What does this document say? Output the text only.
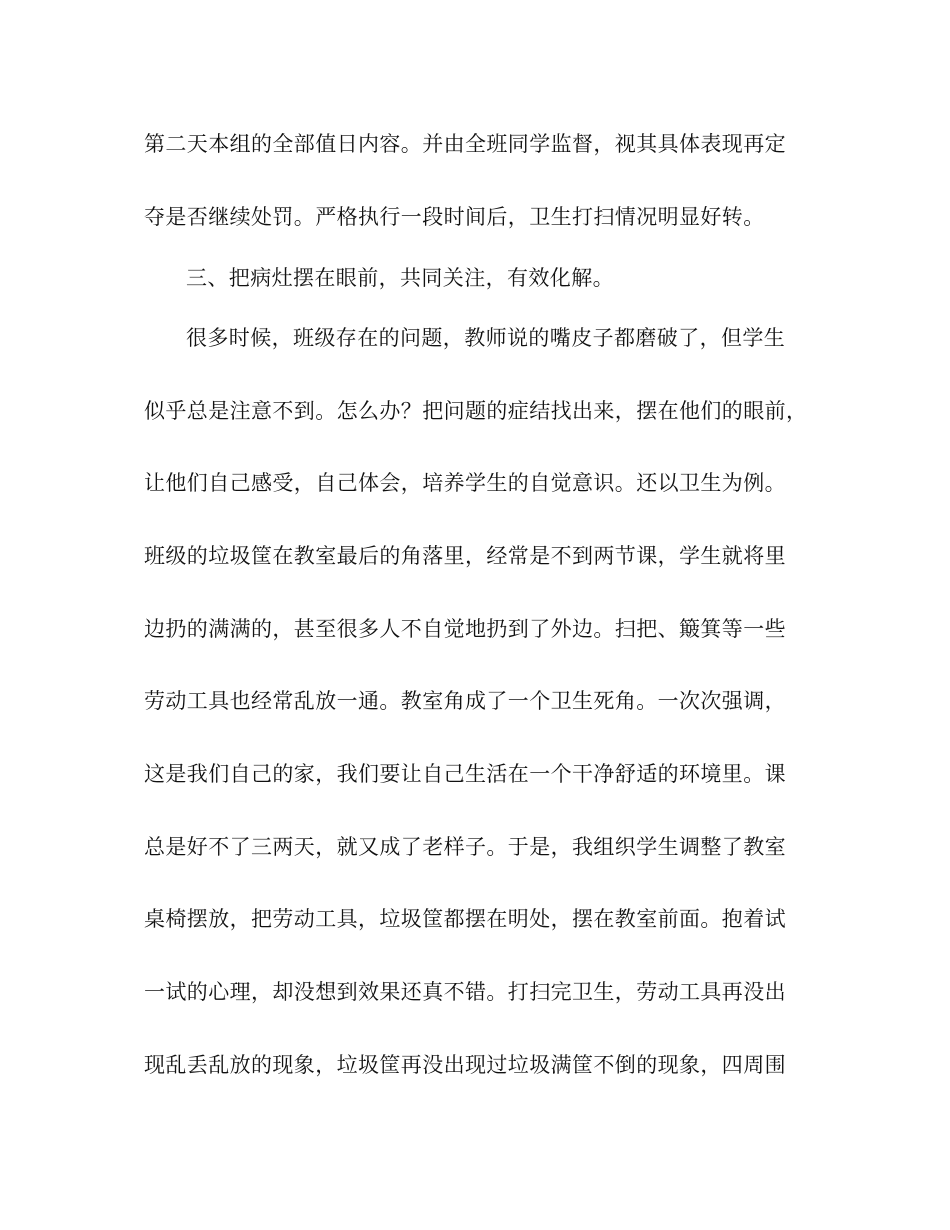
第二天本组的全部值日内容。并由全班同学监督，视其具体表现再定
夺是否继续处罚。严格执行一段时间后，卫生打扫情况明显好转。
三、把病灶摆在眼前，共同关注，有效化解。
很多时候，班级存在的问题，教师说的嘴皮子都磨破了，但学生
似乎总是注意不到。怎么办？把问题的症结找出来，摆在他们的眼前，
让他们自己感受，自己体会，培养学生的自觉意识。还以卫生为例。
班级的垃圾筐在教室最后的角落里，经常是不到两节课，学生就将里
边扔的满满的，甚至很多人不自觉地扔到了外边。扫把、簸箕等一些
劳动工具也经常乱放一通。教室角成了一个卫生死角。一次次强调，
这是我们自己的家，我们要让自己生活在一个干净舒适的环境里。课
总是好不了三两天，就又成了老样子。于是，我组织学生调整了教室
桌椅摆放，把劳动工具，垃圾筐都摆在明处，摆在教室前面。抱着试
一试的心理，却没想到效果还真不错。打扫完卫生，劳动工具再没出
现乱丢乱放的现象，垃圾筐再没出现过垃圾满筐不倒的现象，四周围
